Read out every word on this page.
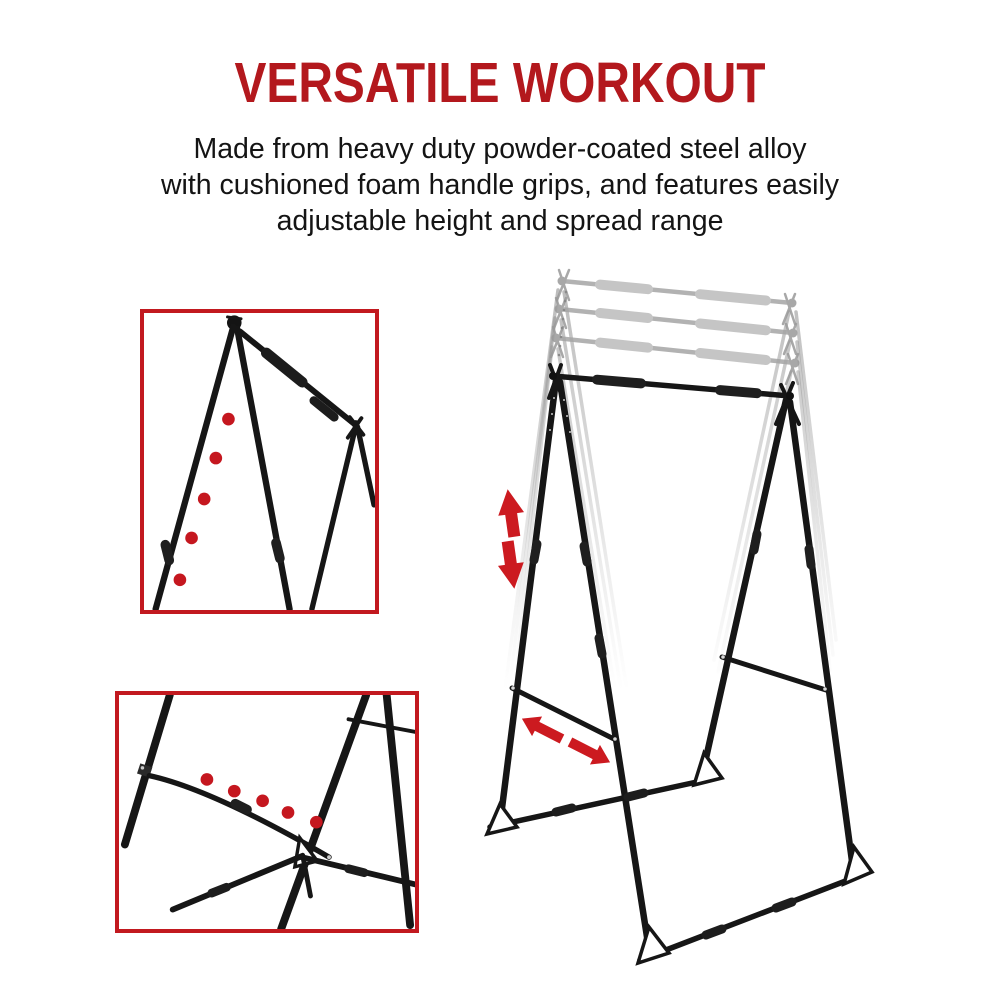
VERSATILE WORKOUT
Made from heavy duty powder-coated steel alloy
with cushioned foam handle grips, and features easily
adjustable height and spread range
